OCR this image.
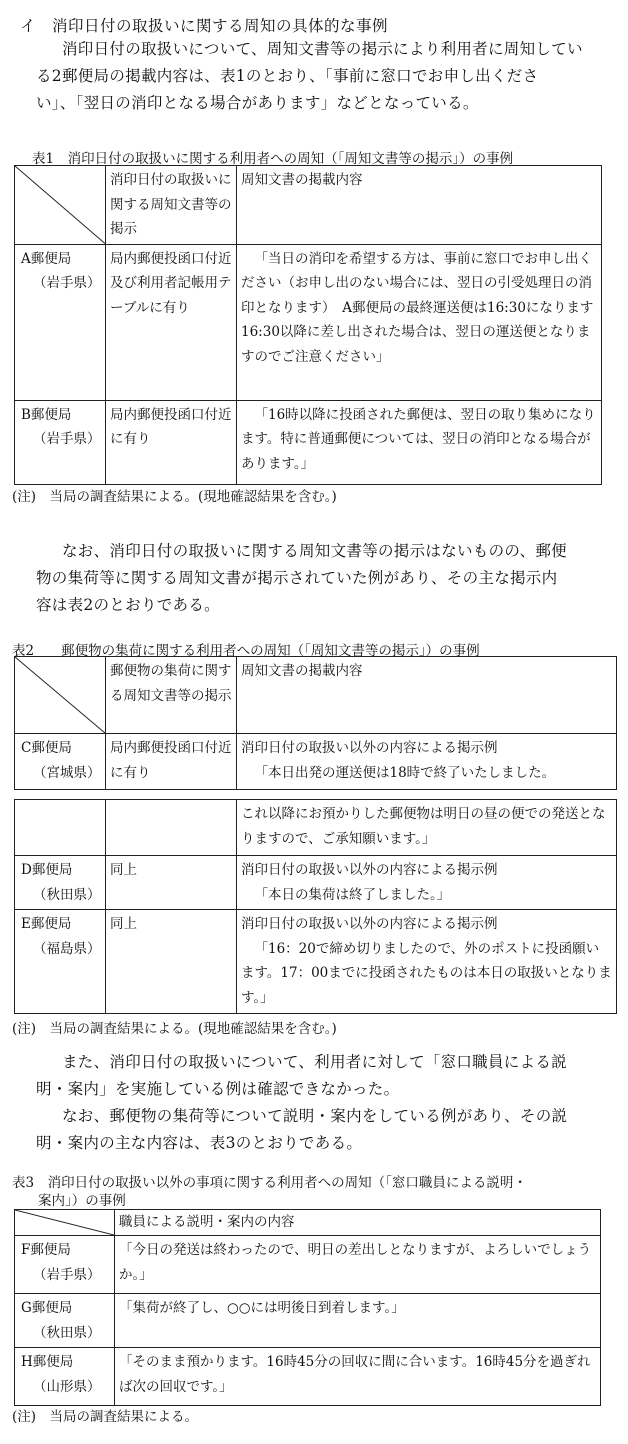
イ　消印日付の取扱いに関する周知の具体的な事例
消印日付の取扱いについて、周知文書等の掲示により利用者に周知してい
る2郵便局の掲載内容は、表1のとおり、「事前に窓口でお申し出くださ
い」、「翌日の消印となる場合があります」などとなっている。
表1　消印日付の取扱いに関する利用者への周知（「周知文書等の掲示」）の事例
	消印日付の取扱いに関する周知文書等の掲示	周知文書の掲載内容
A郵便局
（岩手県）	局内郵便投函口付近及び利用者記帳用テーブルに有り	「当日の消印を希望する方は、事前に窓口でお申し出ください（お申し出のない場合には、翌日の引受処理日の消印となります）　A郵便局の最終運送便は16:30になります　16:30以降に差し出された場合は、翌日の運送便となりますのでご注意ください」

B郵便局
（岩手県）	局内郵便投函口付近に有り	「16時以降に投函された郵便は、翌日の取り集めになります。特に普通郵便については、翌日の消印となる場合があります。」
(注)　当局の調査結果による。(現地確認結果を含む。)
なお、消印日付の取扱いに関する周知文書等の掲示はないものの、郵便
物の集荷等に関する周知文書が掲示されていた例があり、その主な掲示内
容は表2のとおりである。
表2　　郵便物の集荷に関する利用者への周知（「周知文書等の掲示」）の事例
	郵便物の集荷に関する周知文書等の掲示	周知文書の掲載内容
C郵便局
（宮城県）	局内郵便投函口付近に有り	消印日付の取扱い以外の内容による掲示例
「本日出発の運送便は18時で終了いたしました。
		これ以降にお預かりした郵便物は明日の昼の便での発送となりますので、ご承知願います。」
D郵便局
（秋田県）	同上	消印日付の取扱い以外の内容による掲示例
「本日の集荷は終了しました。」

E郵便局
（福島県）	同上	消印日付の取扱い以外の内容による掲示例
「16：20で締め切りましたので、外のポストに投函願います。17：00までに投函されたものは本日の取扱いとなります。」
(注)　当局の調査結果による。(現地確認結果を含む。)
また、消印日付の取扱いについて、利用者に対して「窓口職員による説
明・案内」を実施している例は確認できなかった。
なお、郵便物の集荷等について説明・案内をしている例があり、その説
明・案内の主な内容は、表3のとおりである。
表3　消印日付の取扱い以外の事項に関する利用者への周知（「窓口職員による説明・
案内」）の事例
	職員による説明・案内の内容
F郵便局
（岩手県）	「今日の発送は終わったので、明日の差出しとなりますが、よろしいでしょうか。」
G郵便局
（秋田県）	「集荷が終了し、○○には明後日到着します。」
H郵便局
（山形県）	「そのまま預かります。16時45分の回収に間に合います。16時45分を過ぎれば次の回収です。」
(注)　当局の調査結果による。
